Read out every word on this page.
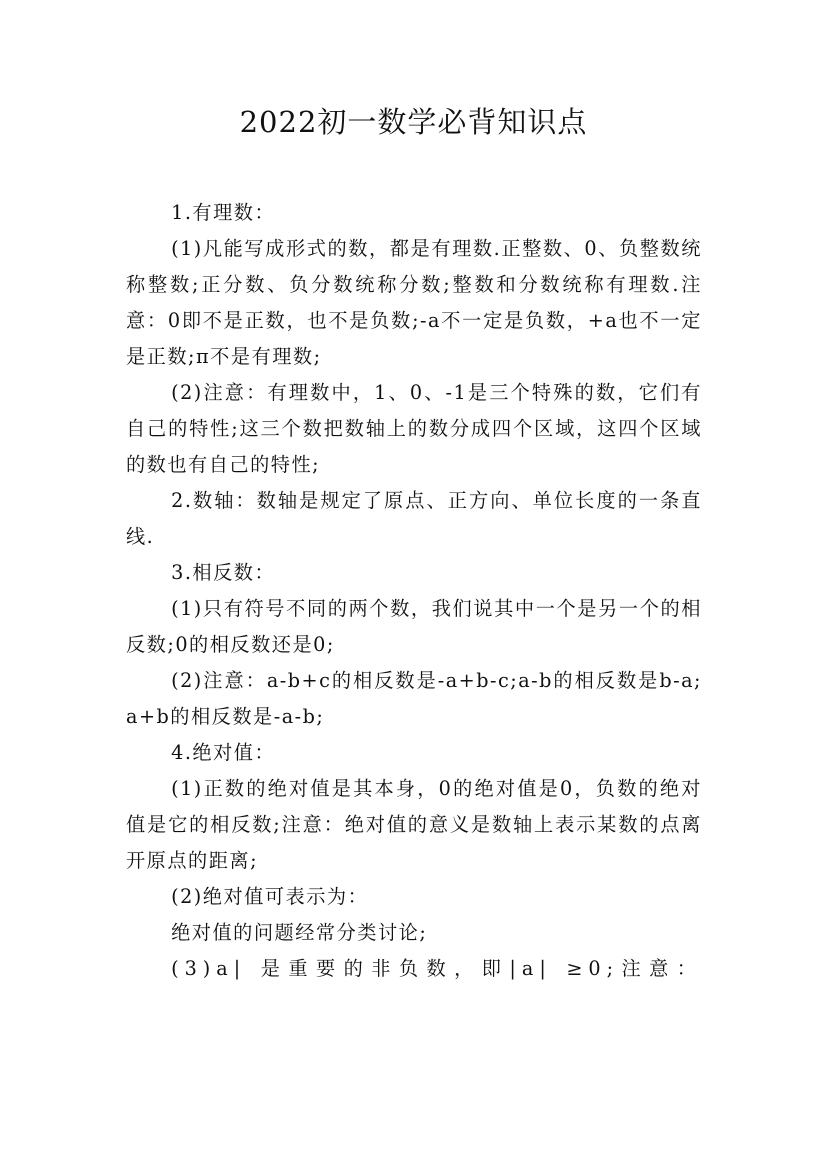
2022初一数学必背知识点

1.有理数：

(1)凡能写成形式的数，都是有理数.正整数、0、负整数统称整数;正分数、负分数统称分数;整数和分数统称有理数.注意：0即不是正数，也不是负数;-a不一定是负数，+a也不一定是正数;π不是有理数;

(2)注意：有理数中，1、0、-1是三个特殊的数，它们有自己的特性;这三个数把数轴上的数分成四个区域，这四个区域的数也有自己的特性;

2.数轴：数轴是规定了原点、正方向、单位长度的一条直线.

3.相反数：

(1)只有符号不同的两个数，我们说其中一个是另一个的相反数;0的相反数还是0;

(2)注意：a-b+c的相反数是-a+b-c;a-b的相反数是b-a;a+b的相反数是-a-b;

4.绝对值：

(1)正数的绝对值是其本身，0的绝对值是0，负数的绝对值是它的相反数;注意：绝对值的意义是数轴上表示某数的点离开原点的距离;

(2)绝对值可表示为：

绝对值的问题经常分类讨论;

(3)a| 是重要的非负数，即|a| ≥0;注意：
